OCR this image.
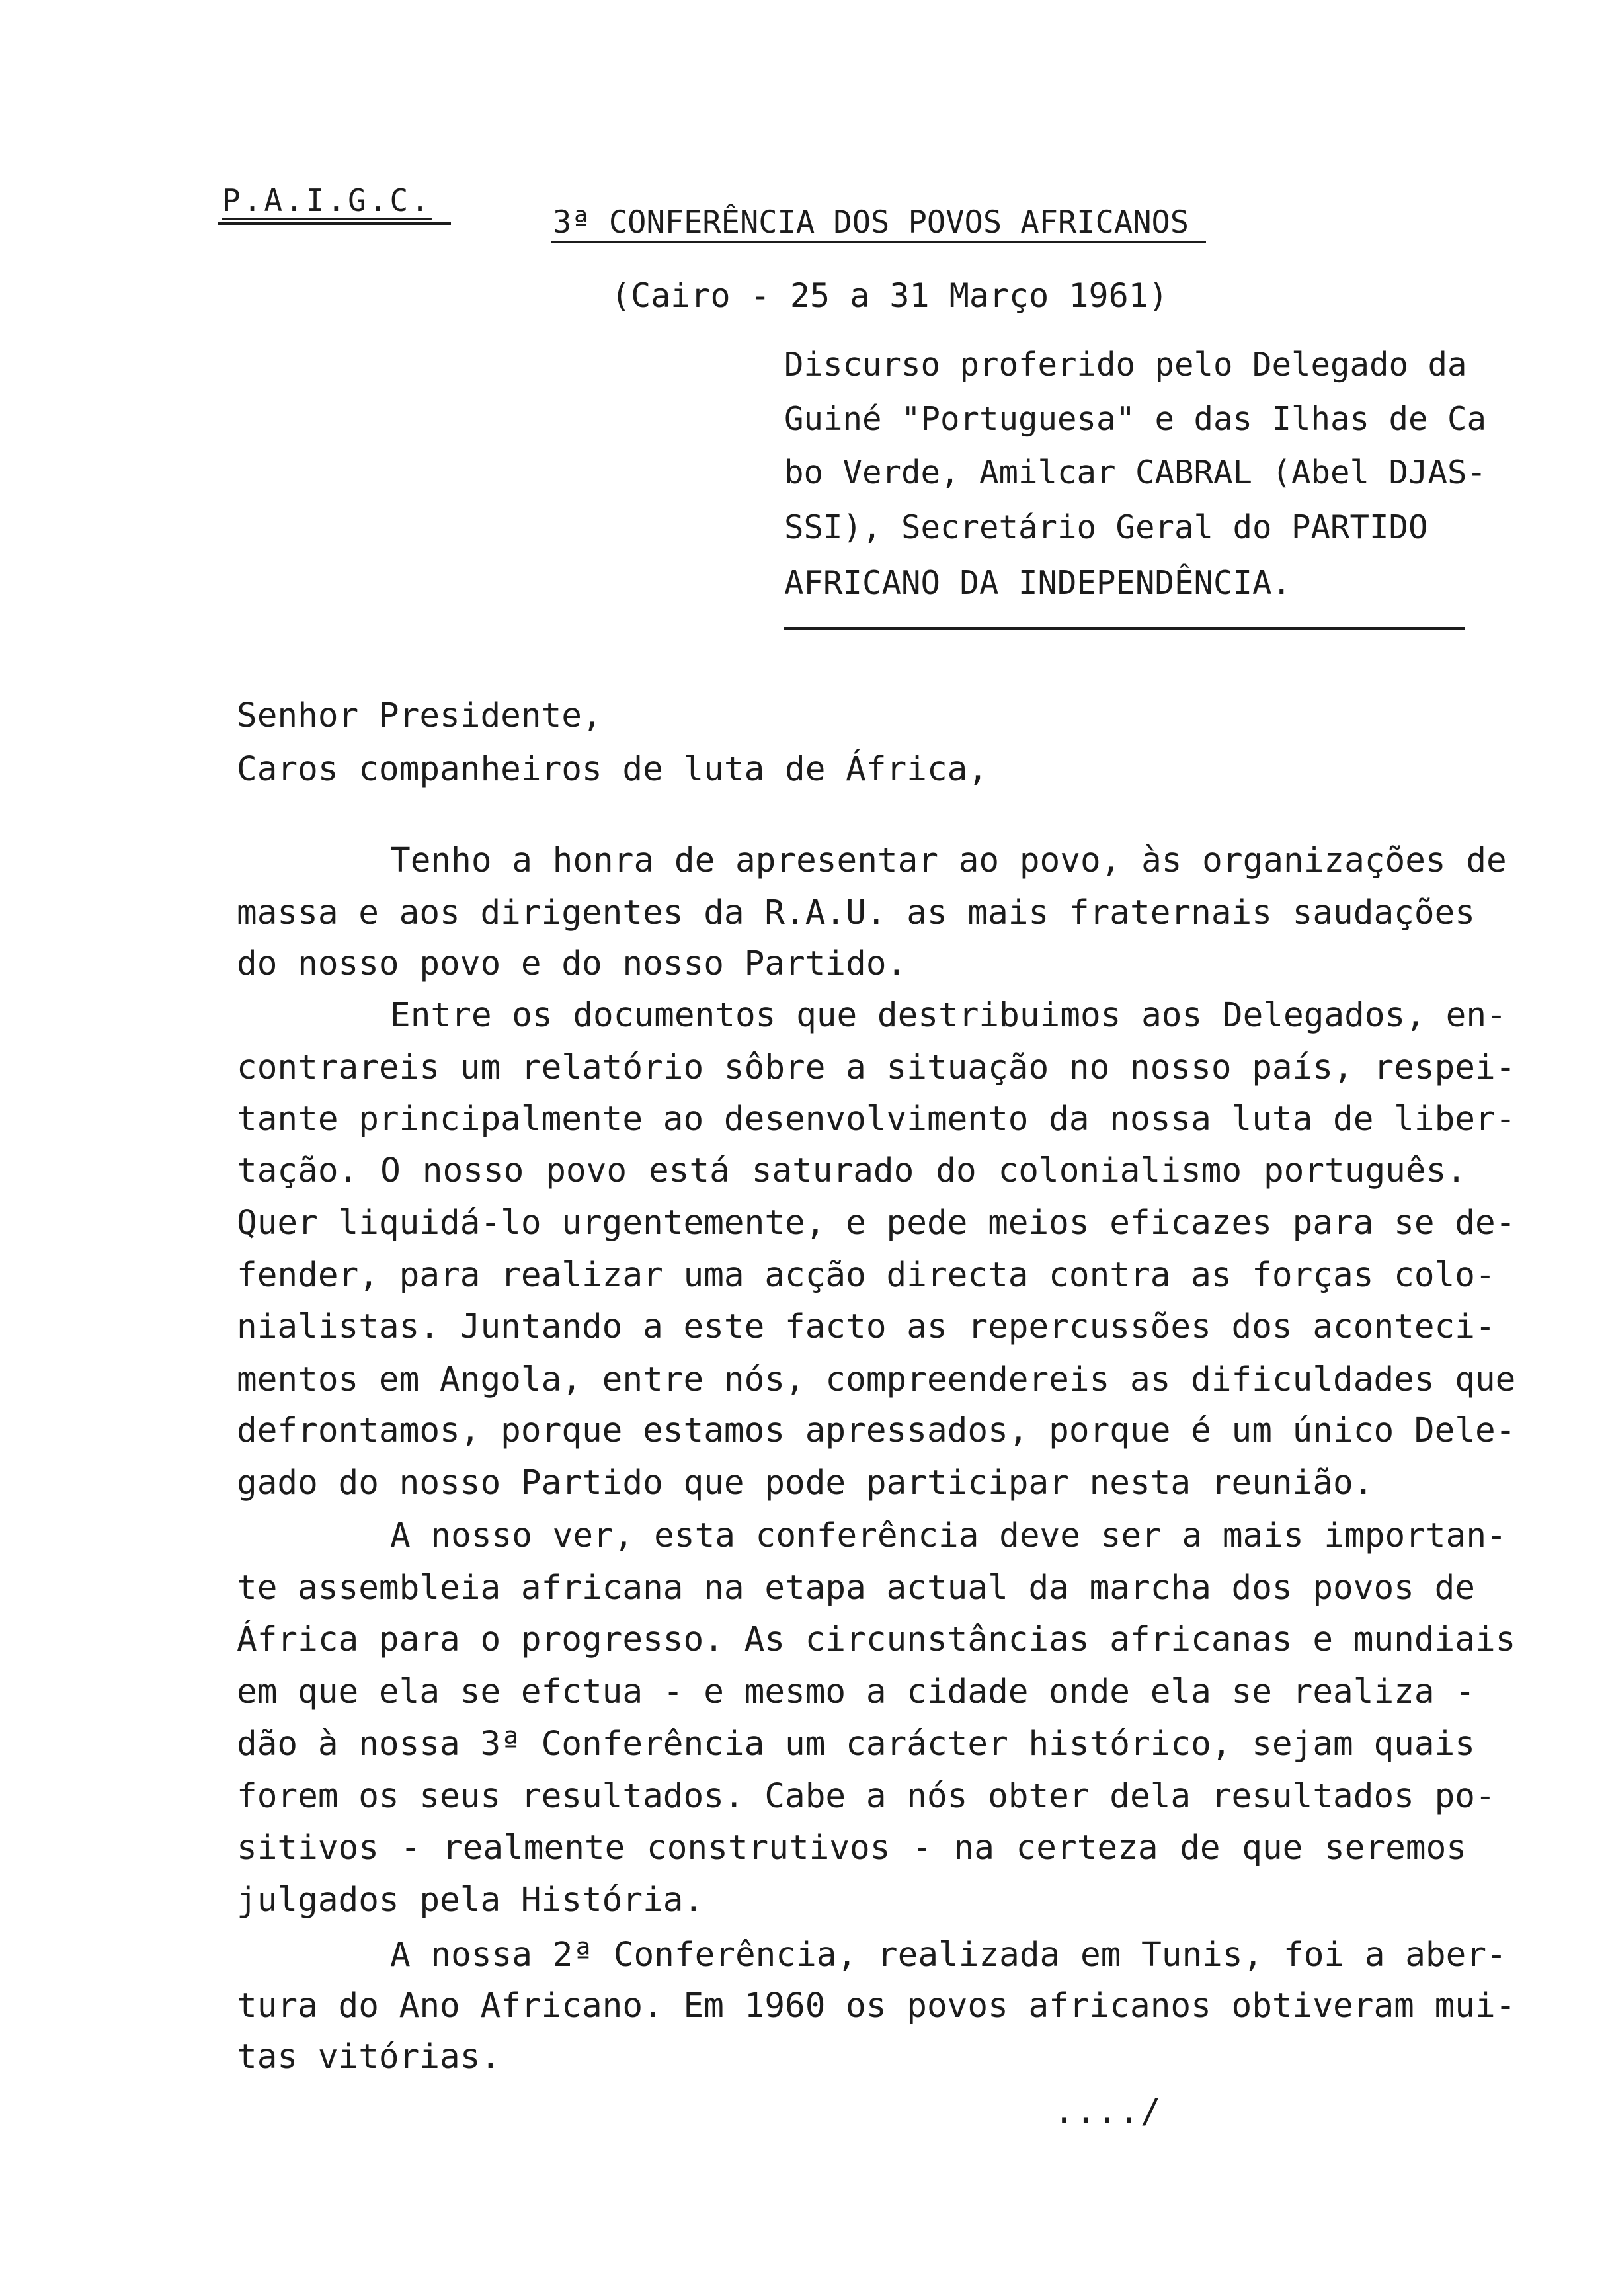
P.A.I.G.C.
3ª CONFERÊNCIA DOS POVOS AFRICANOS
(Cairo - 25 a 31 Março 1961)
Discurso proferido pelo Delegado da
Guiné "Portuguesa" e das Ilhas de Ca
bo Verde, Amilcar CABRAL (Abel DJAS-
SSI), Secretário Geral do PARTIDO
AFRICANO DA INDEPENDÊNCIA.
Senhor Presidente,
Caros companheiros de luta de África,
Tenho a honra de apresentar ao povo, às organizações de
massa e aos dirigentes da R.A.U. as mais fraternais saudações
do nosso povo e do nosso Partido.
Entre os documentos que destribuimos aos Delegados, en-
contrareis um relatório sôbre a situação no nosso país, respei-
tante principalmente ao desenvolvimento da nossa luta de liber-
tação. O nosso povo está saturado do colonialismo português.
Quer liquidá-lo urgentemente, e pede meios eficazes para se de-
fender, para realizar uma acção directa contra as forças colo-
nialistas. Juntando a este facto as repercussões dos aconteci-
mentos em Angola, entre nós, compreendereis as dificuldades que
defrontamos, porque estamos apressados, porque é um único Dele-
gado do nosso Partido que pode participar nesta reunião.
A nosso ver, esta conferência deve ser a mais importan-
te assembleia africana na etapa actual da marcha dos povos de
África para o progresso. As circunstâncias africanas e mundiais
em que ela se efctua - e mesmo a cidade onde ela se realiza -
dão à nossa 3ª Conferência um carácter histórico, sejam quais
forem os seus resultados. Cabe a nós obter dela resultados po-
sitivos - realmente construtivos - na certeza de que seremos
julgados pela História.
A nossa 2ª Conferência, realizada em Tunis, foi a aber-
tura do Ano Africano. Em 1960 os povos africanos obtiveram mui-
tas vitórias.
..../
